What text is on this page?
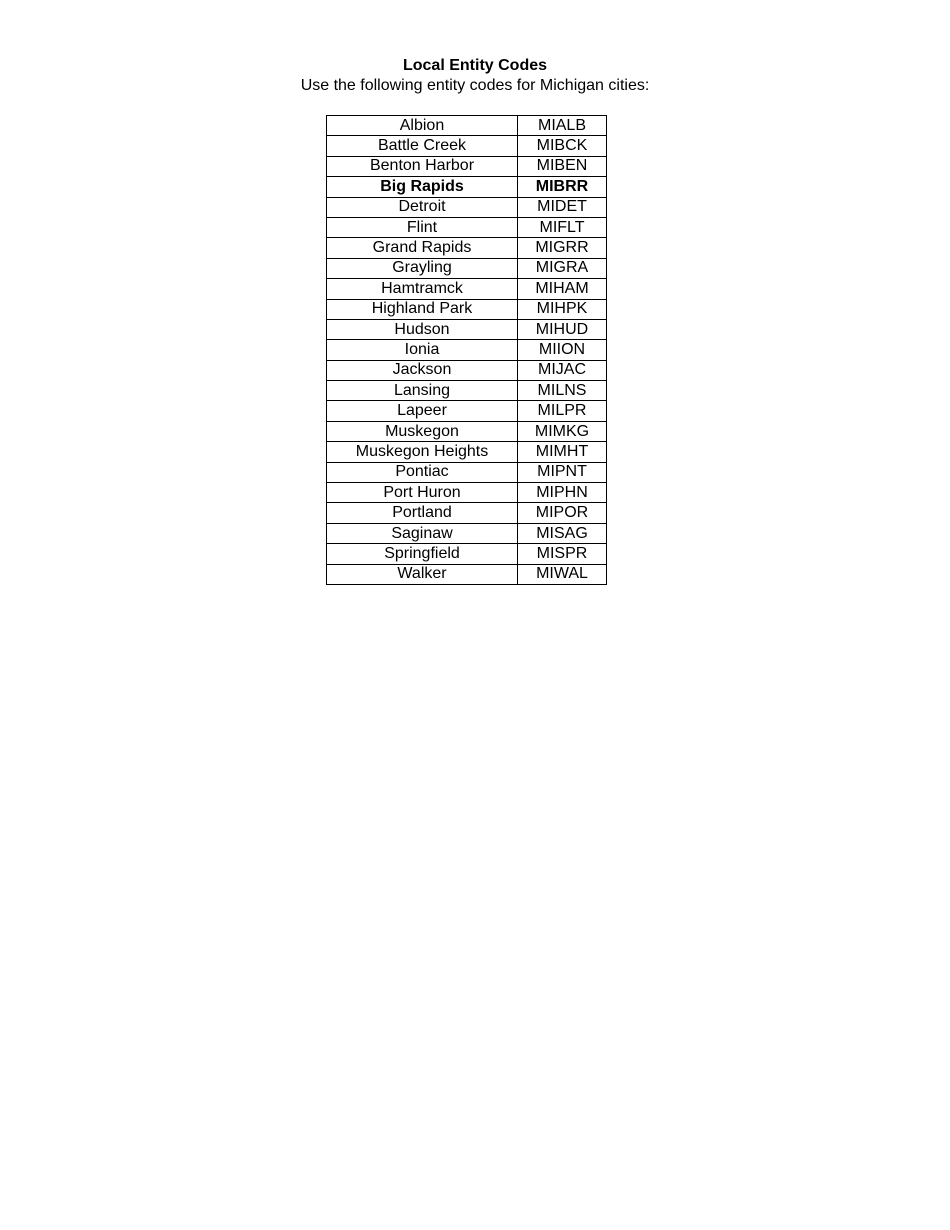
Local Entity Codes
Use the following entity codes for Michigan cities:
Albion	MIALB
Battle Creek	MIBCK
Benton Harbor	MIBEN
Big Rapids	MIBRR
Detroit	MIDET
Flint	MIFLT
Grand Rapids	MIGRR
Grayling	MIGRA
Hamtramck	MIHAM
Highland Park	MIHPK
Hudson	MIHUD
Ionia	MIION
Jackson	MIJAC
Lansing	MILNS
Lapeer	MILPR
Muskegon	MIMKG
Muskegon Heights	MIMHT
Pontiac	MIPNT
Port Huron	MIPHN
Portland	MIPOR
Saginaw	MISAG
Springfield	MISPR
Walker	MIWAL
